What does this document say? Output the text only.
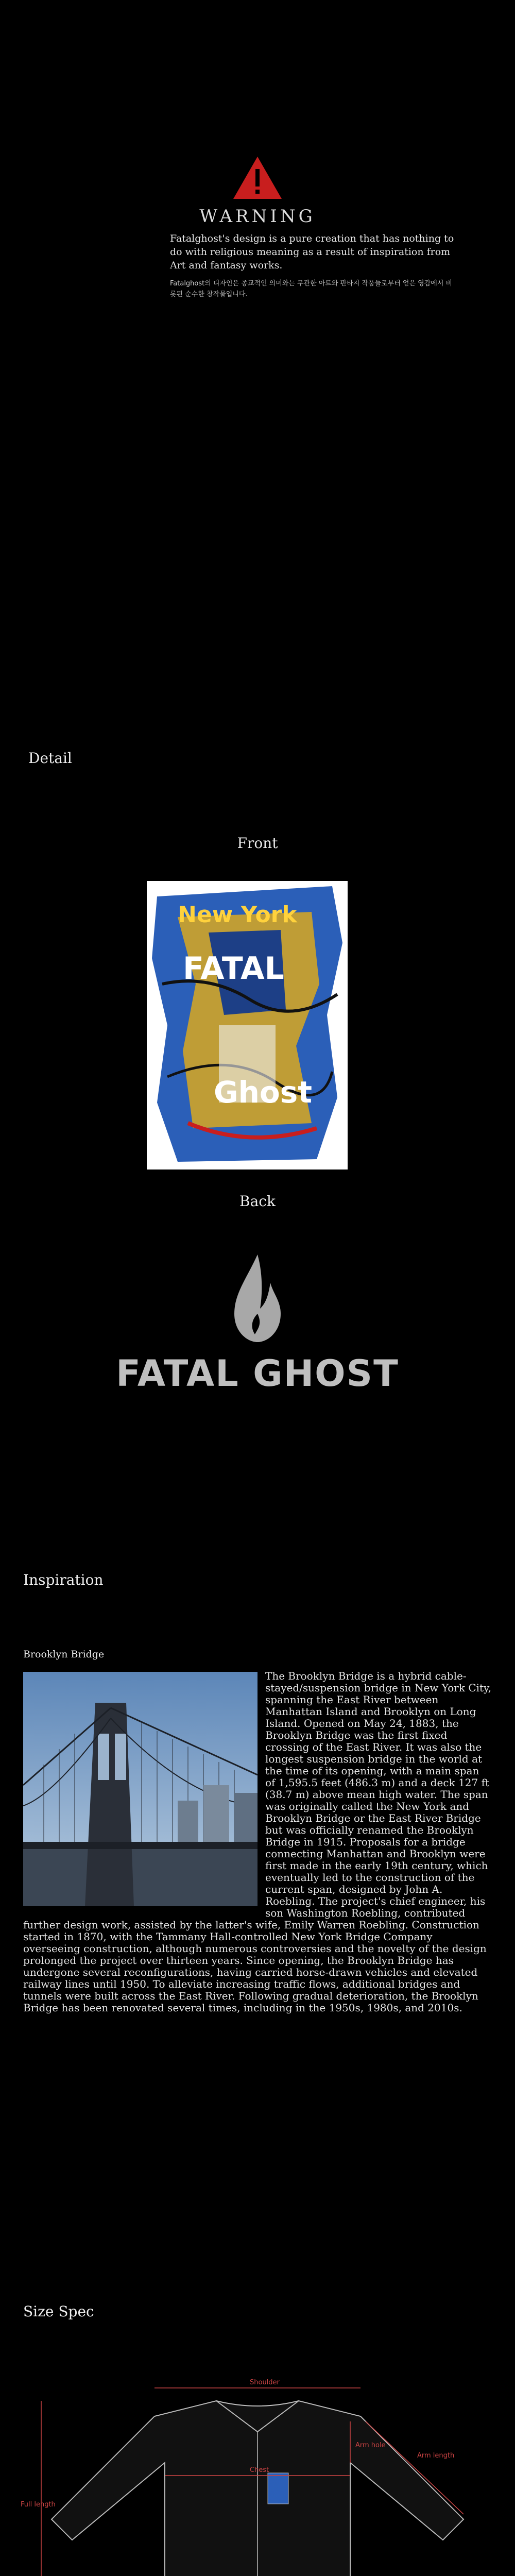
WARNING
Fatalghost's design is a pure creation that has nothing to do with religious meaning as a result of inspiration from Art and fantasy works.
Fatalghost의 디자인은 종교적인 의미와는 무관한 아트와 판타지 작품들로부터 얻은 영감에서 비롯된 순수한 창작물입니다.
Detail
Front
New York
FATAL
Ghost
Back
FATAL GHOST
Inspiration
Brooklyn Bridge
The Brooklyn Bridge is a hybrid cable-stayed/suspension bridge in New York City, spanning the East River between Manhattan Island and Brooklyn on Long Island. Opened on May 24, 1883, the Brooklyn Bridge was the first fixed crossing of the East River. It was also the longest suspension bridge in the world at the time of its opening, with a main span of 1,595.5 feet (486.3 m) and a deck 127 ft (38.7 m) above mean high water. The span was originally called the New York and Brooklyn Bridge or the East River Bridge but was officially renamed the Brooklyn Bridge in 1915. Proposals for a bridge connecting Manhattan and Brooklyn were first made in the early 19th century, which eventually led to the construction of the current span, designed by John A. Roebling. The project's chief engineer, his son Washington Roebling, contributed further design work, assisted by the latter's wife, Emily Warren Roebling. Construction started in 1870, with the Tammany Hall-controlled New York Bridge Company overseeing construction, although numerous controversies and the novelty of the design prolonged the project over thirteen years. Since opening, the Brooklyn Bridge has undergone several reconfigurations, having carried horse-drawn vehicles and elevated railway lines until 1950. To alleviate increasing traffic flows, additional bridges and tunnels were built across the East River. Following gradual deterioration, the Brooklyn Bridge has been renovated several times, including in the 1950s, 1980s, and 2010s.
Size Spec
Shoulder
Chest
Full length
Arm length
Arm hole
